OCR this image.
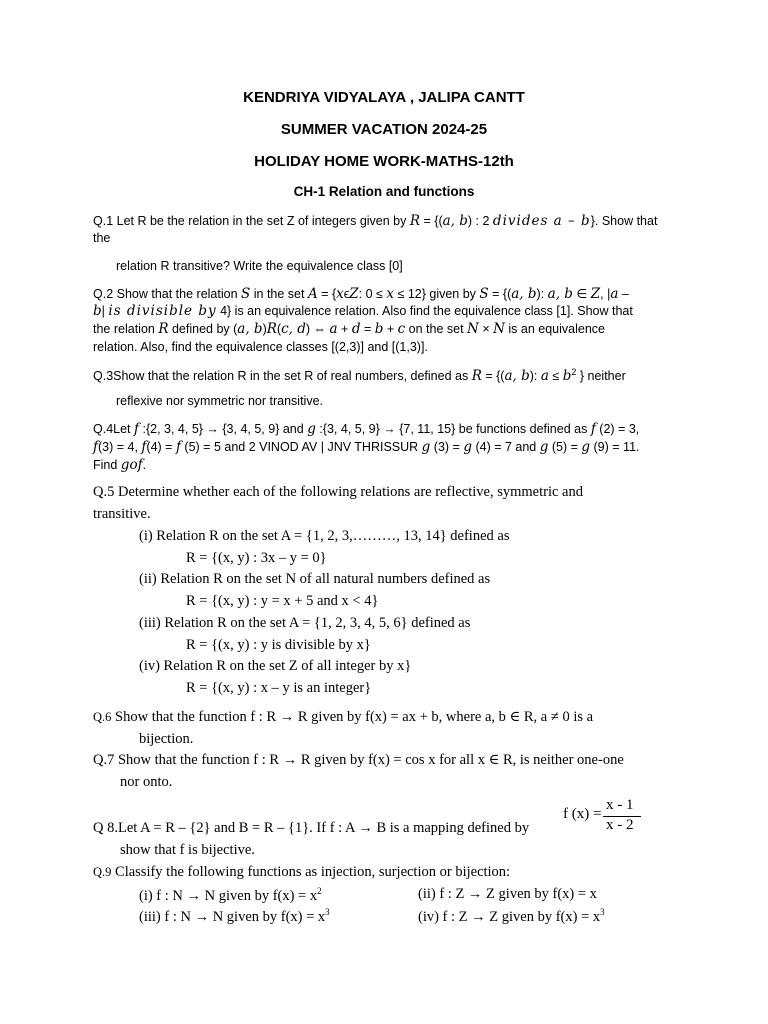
KENDRIYA VIDYALAYA , JALIPA CANTT
SUMMER VACATION 2024-25
HOLIDAY HOME WORK-MATHS-12th
CH-1 Relation and functions
Q.1 Let R be the relation in the set Z of integers given by R = {(a, b) : 2 divides a – b}. Show that
the
relation R transitive? Write the equivalence class [0]
Q.2 Show that the relation S in the set A = {xϵZ: 0 ≤ x ≤ 12} given by S = {(a, b): a, b ∈ Z, |a –
b| is divisible by 4} is an equivalence relation. Also find the equivalence class [1]. Show that
the relation R defined by (a, b)R(c, d) ⇔ a + d = b + c on the set N × N is an equivalence
relation. Also, find the equivalence classes [(2,3)] and [(1,3)].
Q.3Show that the relation R in the set R of real numbers, defined as R = {(a, b): $a \le b^2$ } neither
reflexive nor symmetric nor transitive.
Q.4Let f :{2, 3, 4, 5} → {3, 4, 5, 9} and g :{3, 4, 5, 9} → {7, 11, 15} be functions defined as f (2) = 3,
f(3) = 4, f(4) = f (5) = 5 and 2 VINOD AV | JNV THRISSUR g (3) = g (4) = 7 and g (5) = g (9) = 11.
Find gof.
Q.5 Determine whether each of the following relations are reflective, symmetric and
transitive.
(i) Relation R on the set A = {1, 2, 3,………, 13, 14} defined as
R = {(x, y) : 3x – y = 0}
(ii) Relation R on the set N of all natural numbers defined as
R = {(x, y) : y = x + 5 and x < 4}
(iii) Relation R on the set A = {1, 2, 3, 4, 5, 6} defined as
R = {(x, y) : y is divisible by x}
(iv) Relation R on the set Z of all integer by x}
R = {(x, y) : x – y is an integer}
Q.6 Show that the function f : R → R given by f(x) = ax + b, where a, b ∈ R, a ≠ 0 is a
bijection.
Q.7 Show that the function f : R → R given by f(x) = cos x for all x ∈ R, is neither one-one
nor onto.
Q 8.Let A = R – {2} and B = R – {1}. If f : A → B is a mapping defined by
f (x) =
x - 1
x - 2
show that f is bijective.
Q.9 Classify the following functions as injection, surjection or bijection:
(i) f : N → N given by $f(x) = x^2$	(ii) f : Z → Z given by f(x) = x
(iii) f : N → N given by $f(x) = x^3$	(iv) f : Z → Z given by $f(x) = x^3$
